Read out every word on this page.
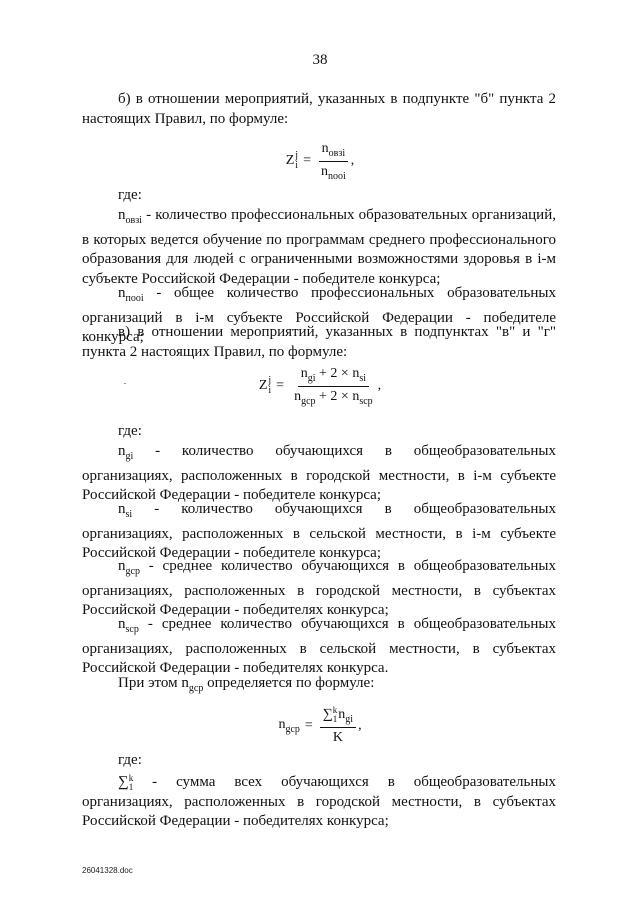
38
б) в отношении мероприятий, указанных в подпункте "б" пункта 2 настоящих Правил, по формуле:
Z j
$i = \frac{n_{овзi}}{n_{nooi}}$ ,
где:
$n_{овзi}$ - количество профессиональных образовательных организаций, в которых ведется обучение по программам среднего профессионального образования для людей с ограниченными возможностями здоровья в i-м субъекте Российской Федерации - победителе конкурса;
$n_{пooi}$ - общее количество профессиональных образовательных организаций в i-м субъекте Российской Федерации - победителе конкурса;
в) в отношении мероприятий, указанных в подпунктах "в" и "г" пункта 2 настоящих Правил, по формуле:
Z j
$i = \frac{n_{gi} + 2 \times n_{si}}{n_{gcp} + 2 \times n_{scp}}$ ,
где:
$n_{gi}$ - количество обучающихся в общеобразовательных организациях, расположенных в городской местности, в i-м субъекте Российской Федерации - победителе конкурса;
$n_{si}$ - количество обучающихся в общеобразовательных организациях, расположенных в сельской местности, в i-м субъекте Российской Федерации - победителе конкурса;
$n_{gcp}$ - среднее количество обучающихся в общеобразовательных организациях, расположенных в городской местности, в субъектах Российской Федерации - победителях конкурса;
$n_{scp}$ - среднее количество обучающихся в общеобразовательных организациях, расположенных в сельской местности, в субъектах Российской Федерации - победителях конкурса.
При этом $n_{gcp}$ определяется по формуле:
$n_{gcp}$ = ∑ k
1 $n_{gi}$
K ,
где:
∑ k
1 - сумма всех обучающихся в общеобразовательных организациях, расположенных в городской местности, в субъектах Российской Федерации - победителях конкурса;
26041328.doc
